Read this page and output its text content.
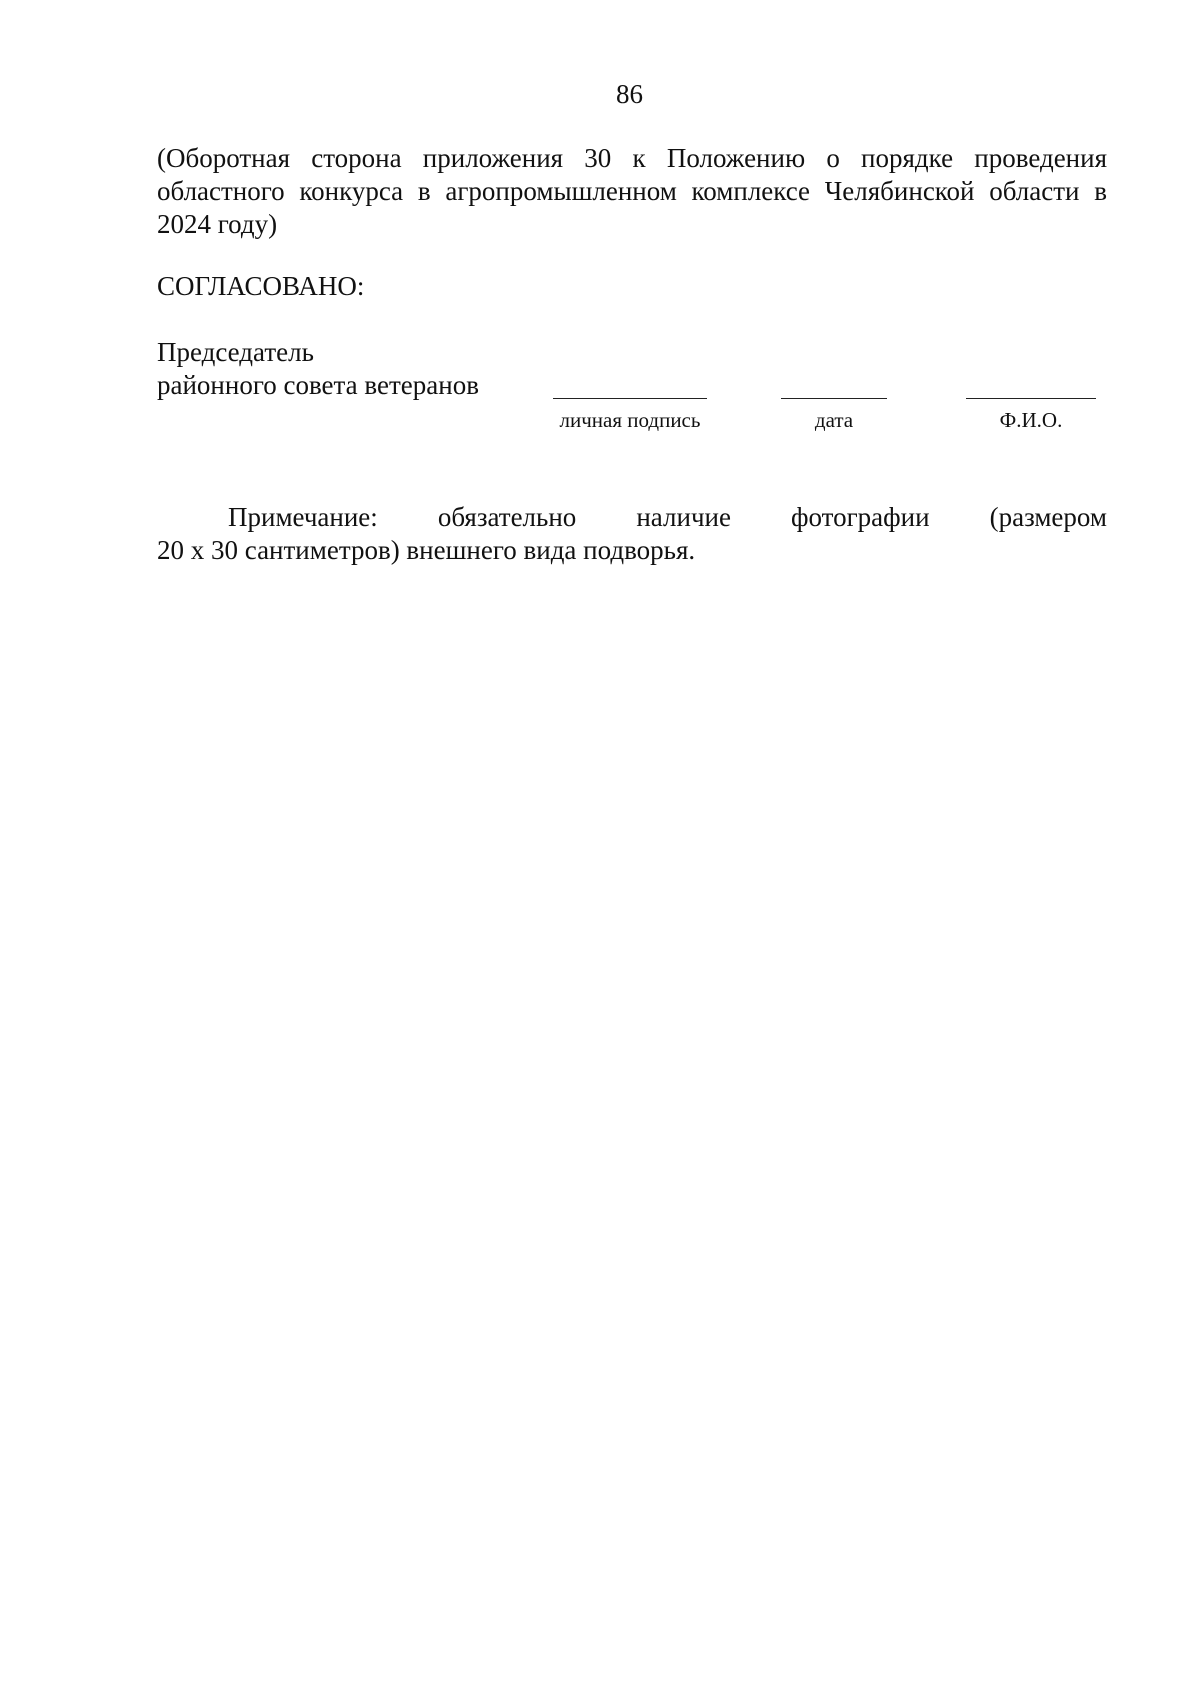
86
(Оборотная сторона приложения 30 к Положению о порядке проведения
областного конкурса в агропромышленном комплексе Челябинской области в
2024 году)
СОГЛАСОВАНО:
Председатель
районного совета ветеранов
личная подпись	дата	Ф.И.О.
Примечание: обязательно наличие фотографии (размером
20 х 30 сантиметров) внешнего вида подворья.
